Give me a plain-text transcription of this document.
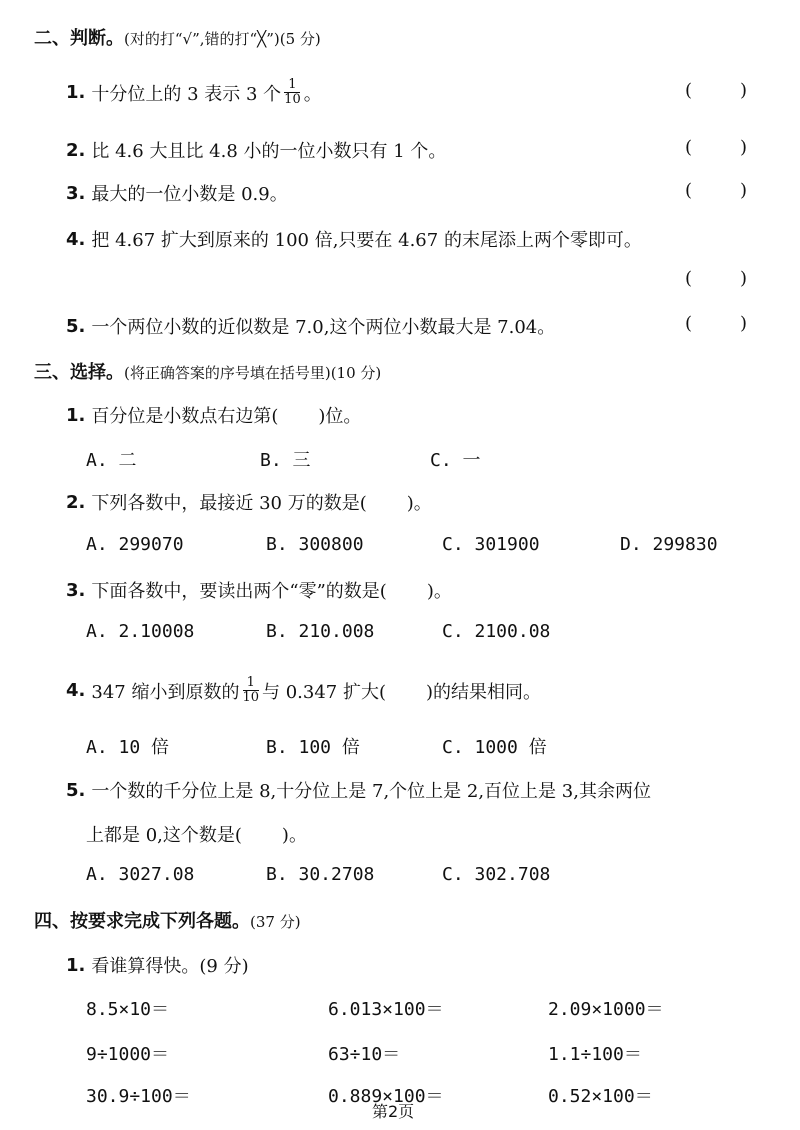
二、判断。(对的打“√”,错的打“╳”)(5 分)
1. 十分位上的 3 表示 3 个 $\frac{1}{10}$ 。	(	)
2. 比 4.6 大且比 4.8 小的一位小数只有 1 个。	(	)
3. 最大的一位小数是 0.9。	(	)
4. 把 4.67 扩大到原来的 100 倍,只要在 4.67 的末尾添上两个零即可。
(	)
5. 一个两位小数的近似数是 7.0,这个两位小数最大是 7.04。	(	)
三、选择。(将正确答案的序号填在括号里)(10 分)
1. 百分位是小数点右边第( )位。
A. 二	B. 三	C. 一
2. 下列各数中，最接近 30 万的数是( )。
A. 299070	B. 300800	C. 301900	D. 299830
3. 下面各数中，要读出两个“零”的数是( )。
A. 2.10008	B. 210.008	C. 2100.08
4. 347 缩小到原数的 $\frac{1}{10}$ 与 0.347 扩大( )的结果相同。
A. 10 倍	B. 100 倍	C. 1000 倍
5. 一个数的千分位上是 8,十分位上是 7,个位上是 2,百位上是 3,其余两位
上都是 0,这个数是( )。
A. 3027.08	B. 30.2708	C. 302.708
四、按要求完成下列各题。(37 分)
1. 看谁算得快。(9 分)
8.5×10＝	6.013×100＝	2.09×1000＝
9÷1000＝	63÷10＝	1.1÷100＝
30.9÷100＝	0.889×100＝	0.52×100＝
第2页
